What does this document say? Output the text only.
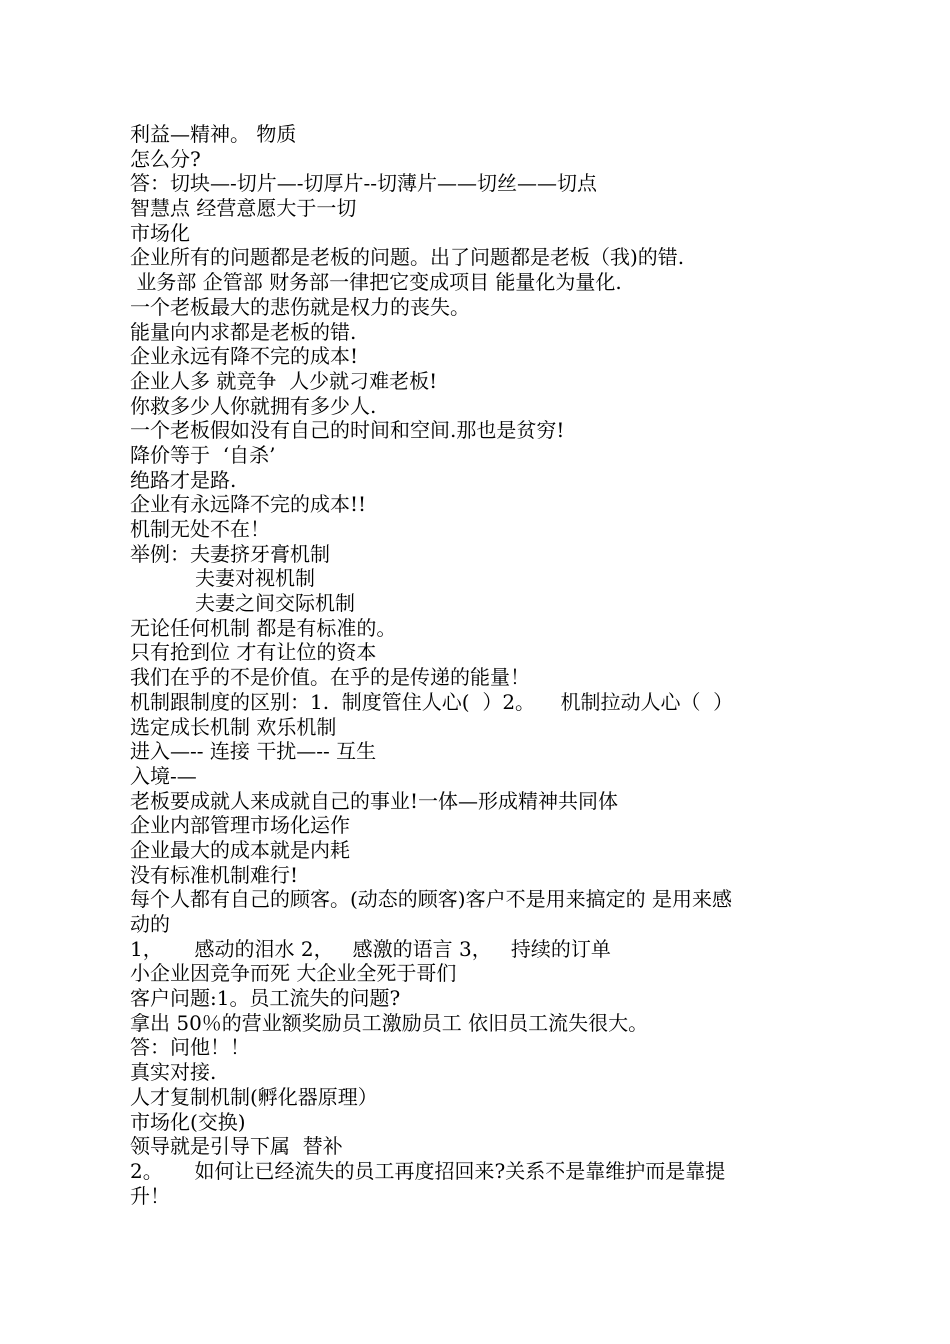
利益—精神。 物质
怎么分?
答：切块—-切片—-切厚片--切薄片——切丝——切点
智慧点 经营意愿大于一切
市场化
企业所有的问题都是老板的问题。出了问题都是老板（我)的错.
业务部 企管部 财务部一律把它变成项目 能量化为量化.
一个老板最大的悲伤就是权力的丧失。
能量向内求都是老板的错.
企业永远有降不完的成本!
企业人多 就竞争  人少就刁难老板!
你救多少人你就拥有多少人.
一个老板假如没有自己的时间和空间.那也是贫穷!
降价等于  ‘自杀’
绝路才是路.
企业有永远降不完的成本!!
机制无处不在！
举例：夫妻挤牙膏机制
夫妻对视机制
夫妻之间交际机制
无论任何机制 都是有标准的。
只有抢到位 才有让位的资本
我们在乎的不是价值。在乎的是传递的能量！
机制跟制度的区别：1.  制度管住人心(  ）2。    机制拉动人心（  ）
选定成长机制 欢乐机制
进入—-- 连接 干扰—-- 互生
入境-—
老板要成就人来成就自己的事业!一体—形成精神共同体
企业内部管理市场化运作
企业最大的成本就是内耗
没有标准机制难行!
每个人都有自己的顾客。(动态的顾客)客户不是用来搞定的 是用来感
动的
1，     感动的泪水 2，   感激的语言 3，   持续的订单
小企业因竞争而死 大企业全死于哥们
客户问题:1。员工流失的问题?
拿出 50％的营业额奖励员工激励员工 依旧员工流失很大。
答：问他！！
真实对接.
人才复制机制(孵化器原理）
市场化(交换)
领导就是引导下属  替补
2。     如何让已经流失的员工再度招回来?关系不是靠维护而是靠提
升！
